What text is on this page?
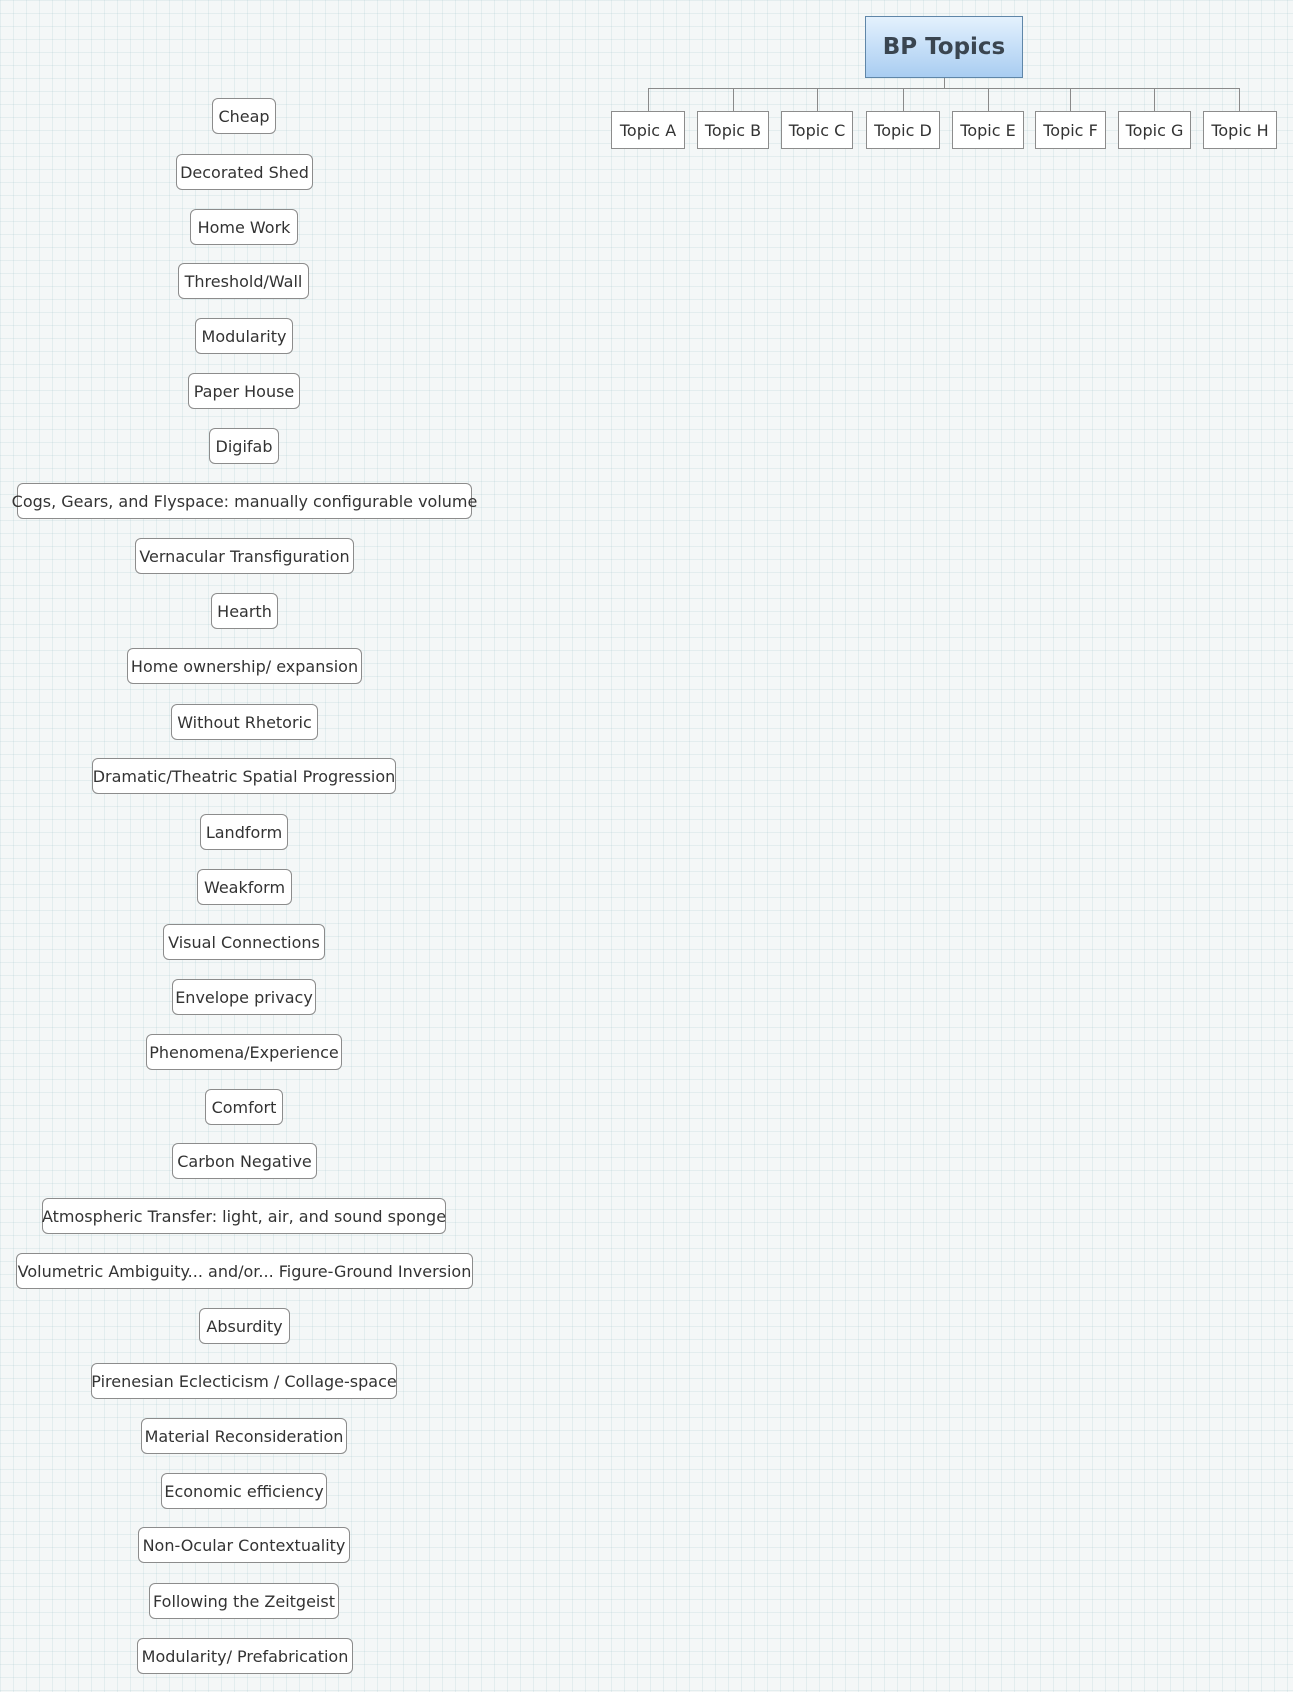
BP Topics
Topic A Topic B Topic C Topic D Topic E Topic F Topic G Topic H
Cheap
Decorated Shed
Home Work
Threshold/Wall
Modularity
Paper House
Digifab
Cogs, Gears, and Flyspace: manually configurable volume
Vernacular Transfiguration
Hearth
Home ownership/ expansion
Without Rhetoric
Dramatic/Theatric Spatial Progression
Landform
Weakform
Visual Connections
Envelope privacy
Phenomena/Experience
Comfort
Carbon Negative
Atmospheric Transfer: light, air, and sound sponge
Volumetric Ambiguity... and/or... Figure-Ground Inversion
Absurdity
Pirenesian Eclecticism / Collage-space
Material Reconsideration
Economic efficiency
Non-Ocular Contextuality
Following the Zeitgeist
Modularity/ Prefabrication
